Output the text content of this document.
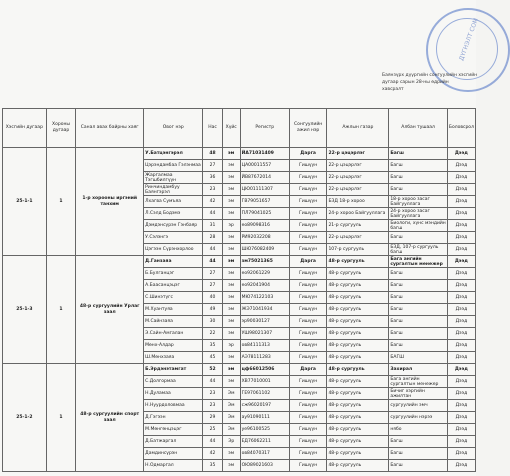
ДҮГНЭЛТ СОМ
Баянзүрх дүүргийн сонгуулийн хэсгийн
дугаар сарын 28-ны өдрийн
хавсралт
Хэсгийн дугаар	Хороны дугаар	Санал авах байрны хаяг	Овог нэр	Нас	Хүйс	Регистр	Сонгуулийн ажил нэр	Ажлын газар	Албан тушаал	Боловсрол
25-1-1	1	1-р хорооны иргэний танхим	У.Батцэнгэрэл	48	эм	ЙА71031409	Дарга	22-р цэцэрлэг	Багш	Дээд
			Цэрэндамбаа Гэлэнмаа	27	эм	ЦА00011557	Гишүүн	22-р цэцэрлэг	Багш	Дээд
			Жаргалмаа Тэгшбилгүүн	36	эм	ЙВ87672014	Гишүүн	22-р цэцэрлэг	Багш	Дээд
			Ринчиндамбуу Баянгэрэл	23	эм	ЦЮ01111307	Гишүүн	22-р цэцэрлэг	Багш	Дээд
			Лхагва Сумъяа	42	эм	ГВ79051657	Гишүүн	БЗД 18-р хороо	18-р хороо засаг Байгууллага	Дээд
			Л.Сэлд Бодэмэ	44	эм	ПЛ79041025	Гишүүн	24-р хороо Байгууллага	24-р хороо засаг Байгууллага	Дээд
			Дэмдэнсүрэн Гэнбаяр	31	эр	ео89098316	Гишүүн	21-р сургууль	Биологи, хүнс мэндийн багш	Дээд
			У.Сэлэнгэ	28	эм	РИ92032208	Гишүүн	22-р цэцэрлэг	Багш	Дээд
			Цэгээн Сүрэнхорлоо	44	эм	ШЮ76082409	Гишүүн	107-р сургууль	БЗД, 107-р сургууль багш	Дээд
25-1-3	1	48-р сургуулийн Урлаг заал	Д.Ганзаяа	44	эм	зм75021365	Дарга	48-р сургууль	Бага ангийн сургалтын менежер	Дээд
			Б.Булганцэг	27	эм	ео92061229	Гишүүн	48-р сургууль	Багш	Дээд
			А.Баасанцэцэг	27	эм	ео92041904	Гишүүн	48-р сургууль	Багш	Дээд
			С.Шинэтүгс	40	эм	МЮ74122103	Гишүүн	48-р сургууль	Багш	Дээд
			М.Хуантуяа	49	эм	ЖЭ71041934	Гишүүн	48-р сургууль	Багш	Дээд
			М.Сайнзаяа	30	эм	эр90030127	Гишүүн	48-р сургууль	Багш	Дээд
			Э.Сайн-Амгалан	22	эм	УШ98021307	Гишүүн	48-р сургууль	Багш	Дээд
			Мөнх-Алдар	35	эр	ов84111313	Гишүүн	48-р сургууль	Багш	Дээд
			Ш.Мөнхзаяа	45	эм	АЭ78111283	Гишүүн	48-р сургууль	БАГШ	Дээд
25-1-2	1	48-р сургуулийн спорт заал	Б.Эрдэнэтамгат	52	эм	цф66012506	Дарга	48-р сургууль	Захирал	Дээд
			С.Долгормаа	44	эм	ХВ77010001	Гишүүн	48-р сургууль	Бага ангийн сургалтын менежер	Дээд
			Н.Дуламаа	23	Эм	ГЕ97061102	Гишүүн	48-р сургууль	Бичиг хэргийн ажилтан	Дээд
			Н.Нуурдоловмаа	23	Эм	сж96020197	Гишүүн	48-р сургууль	сургуулийн эмч	Дээд
			Д.Гэгээн	29	Эм	ау91090111	Гишүүн	48-р сургууль	сургуулийн нэрээ	Дээд
			М.Мөнгөнцэцэг	25	Эм	уе96100525	Гишүүн	48-р сургууль	нябо	Дээд
			Д.Батжаргал	44	Эр	ЕД76062211	Гишүүн	48-р сургууль	Багш	Дээд
			Дамдинсүрэн	42	эм	ов84070317	Гишүүн	48-р сургууль	Багш	Дээд
			Н.Одмаргал	35	эм	ОЮ89021603	Гишүүн	48-р сургууль	Багш	Дээд
